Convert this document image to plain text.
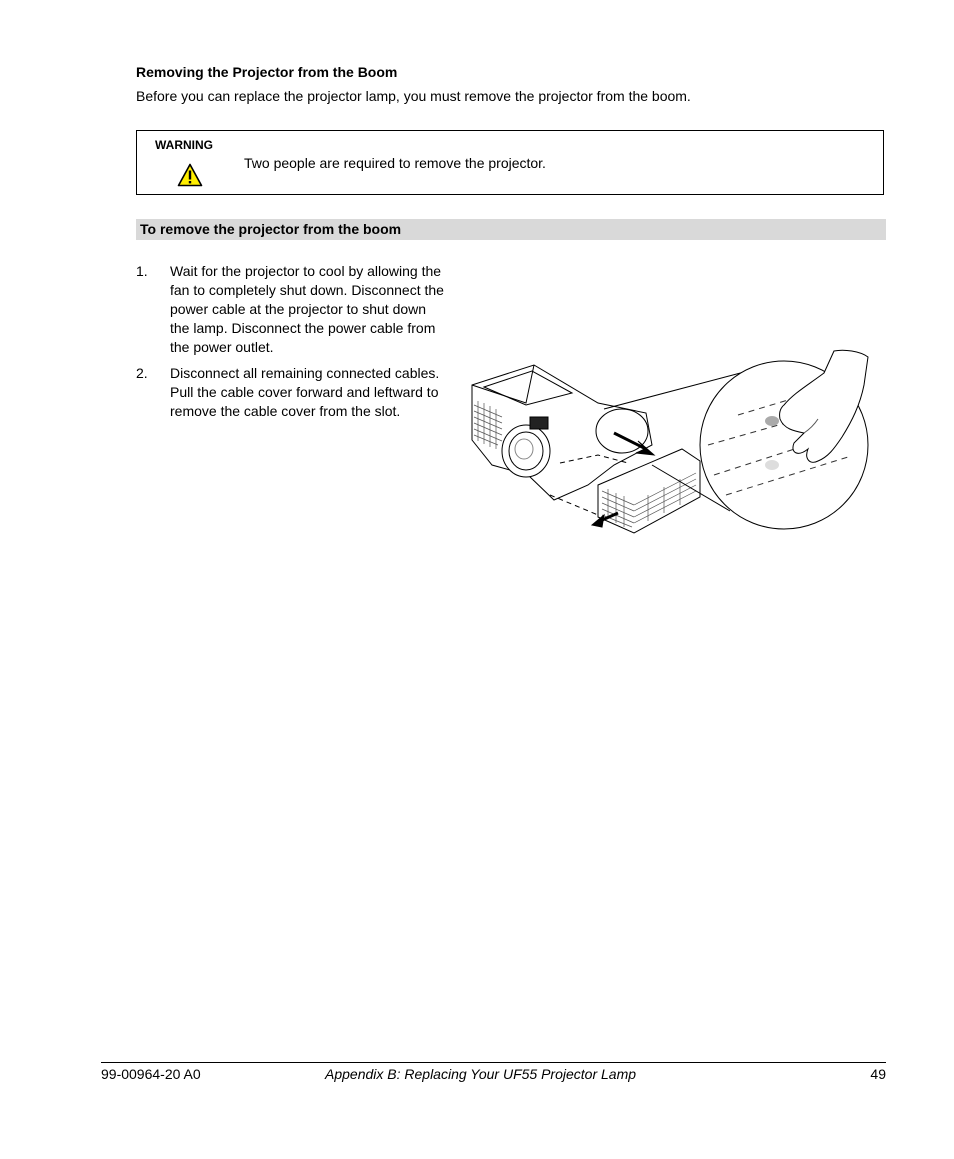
Removing the Projector from the Boom
Before you can replace the projector lamp, you must remove the projector from the boom.
WARNING
Two people are required to remove the projector.
To remove the projector from the boom
1. Wait for the projector to cool by allowing the fan to completely shut down. Disconnect the power cable at the projector to shut down the lamp. Disconnect the power cable from the power outlet.
2. Disconnect all remaining connected cables. Pull the cable cover forward and leftward to remove the cable cover from the slot.
99-00964-20 A0	Appendix B: Replacing Your UF55 Projector Lamp	49
